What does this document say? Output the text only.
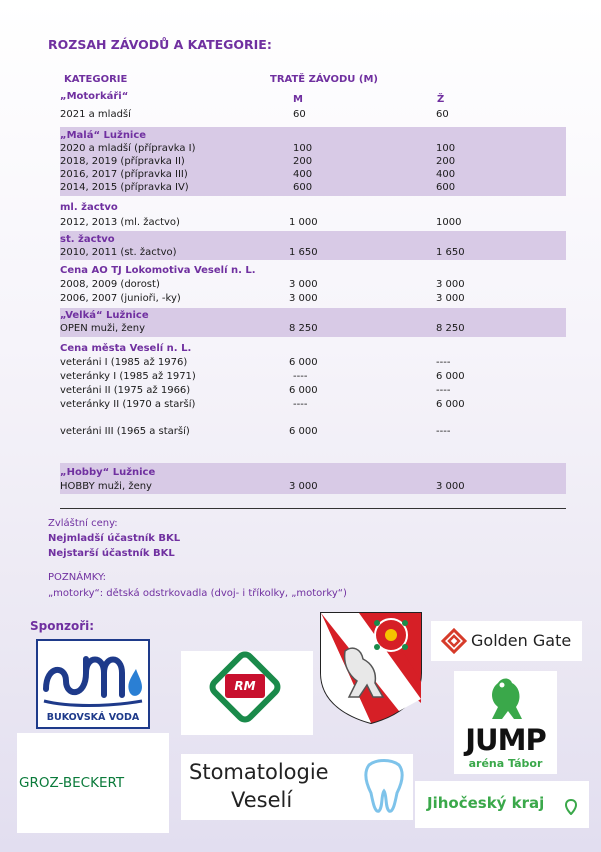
ROZSAH ZÁVODŮ A KATEGORIE:
KATEGORIE	TRATĚ ZÁVODU (M)
„Motorkáři“	M	Ž
2021 a mladší	60	60
„Malá“ Lužnice
2020 a mladší (přípravka I)	100	100
2018, 2019 (přípravka II)	200	200
2016, 2017 (přípravka III)	400	400
2014, 2015 (přípravka IV)	600	600
ml. žactvo
2012, 2013 (ml. žactvo)	1 000	1000
st. žactvo
2010, 2011 (st. žactvo)	1 650	1 650
Cena AO TJ Lokomotiva Veselí n. L.
2008, 2009 (dorost)	3 000	3 000
2006, 2007 (junioři, -ky)	3 000	3 000
„Velká“ Lužnice
OPEN muži, ženy	8 250	8 250
Cena města Veselí n. L.
veteráni I (1985 až 1976)	6 000	----
veteránky I (1985 až 1971)	----	6 000
veteráni II (1975 až 1966)	6 000	----
veteránky II (1970 a starší)	----	6 000
veteráni III (1965 a starší)	6 000	----
„Hobby“ Lužnice
HOBBY muži, ženy	3 000	3 000
Zvláštní ceny:
Nejmladší účastník BKL
Nejstarší účastník BKL
POZNÁMKY:
„motorky“: dětská odstrkovadla (dvoj- i tříkolky, „motorky“)
Sponzoři:
BUKOVSKÁ VODA
RM
Golden Gate
JUMP
aréna Tábor
GROZ-BECKERT	Stomatologie
Veselí	Jihočeský kraj
